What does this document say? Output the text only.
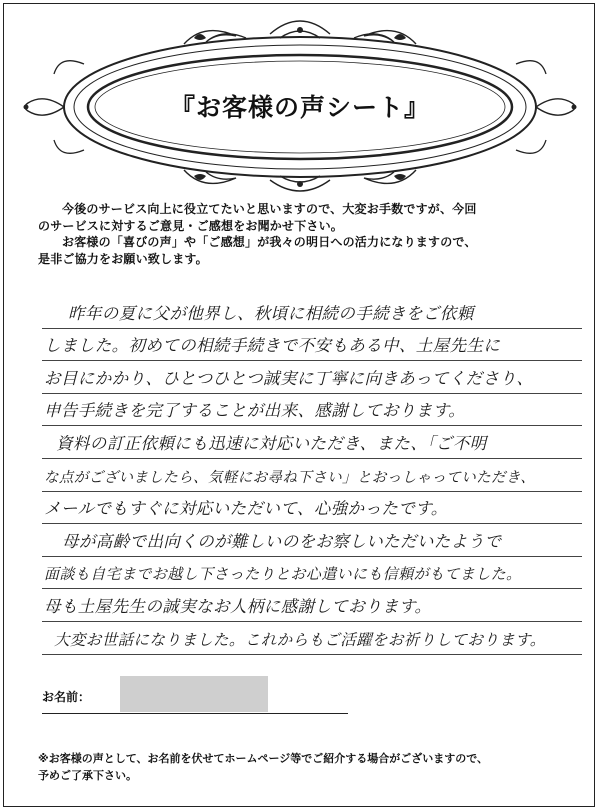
『お客様の声シート』

今後のサービス向上に役立てたいと思いますので、大変お手数ですが、今回

のサービスに対するご意見・ご感想をお聞かせ下さい。

お客様の「喜びの声」や「ご感想」が我々の明日への活力になりますので、

是非ご協力をお願い致します。

昨年の夏に父が他界し、秋頃に相続の手続きをご依頼
しました。初めての相続手続きで不安もある中、土屋先生に
お目にかかり、ひとつひとつ誠実に丁寧に向きあってくださり、
申告手続きを完了することが出来、感謝しております。
資料の訂正依頼にも迅速に対応いただき、また、「ご不明
な点がございましたら、気軽にお尋ね下さい」とおっしゃっていただき、
メールでもすぐに対応いただいて、心強かったです。
母が高齢で出向くのが難しいのをお察しいただいたようで
面談も自宅までお越し下さったりとお心遣いにも信頼がもてました。
母も土屋先生の誠実なお人柄に感謝しております。
大変お世話になりました。これからもご活躍をお祈りしております。
お名前：

※お客様の声として、お名前を伏せてホームページ等でご紹介する場合がございますので、

予めご了承下さい。
